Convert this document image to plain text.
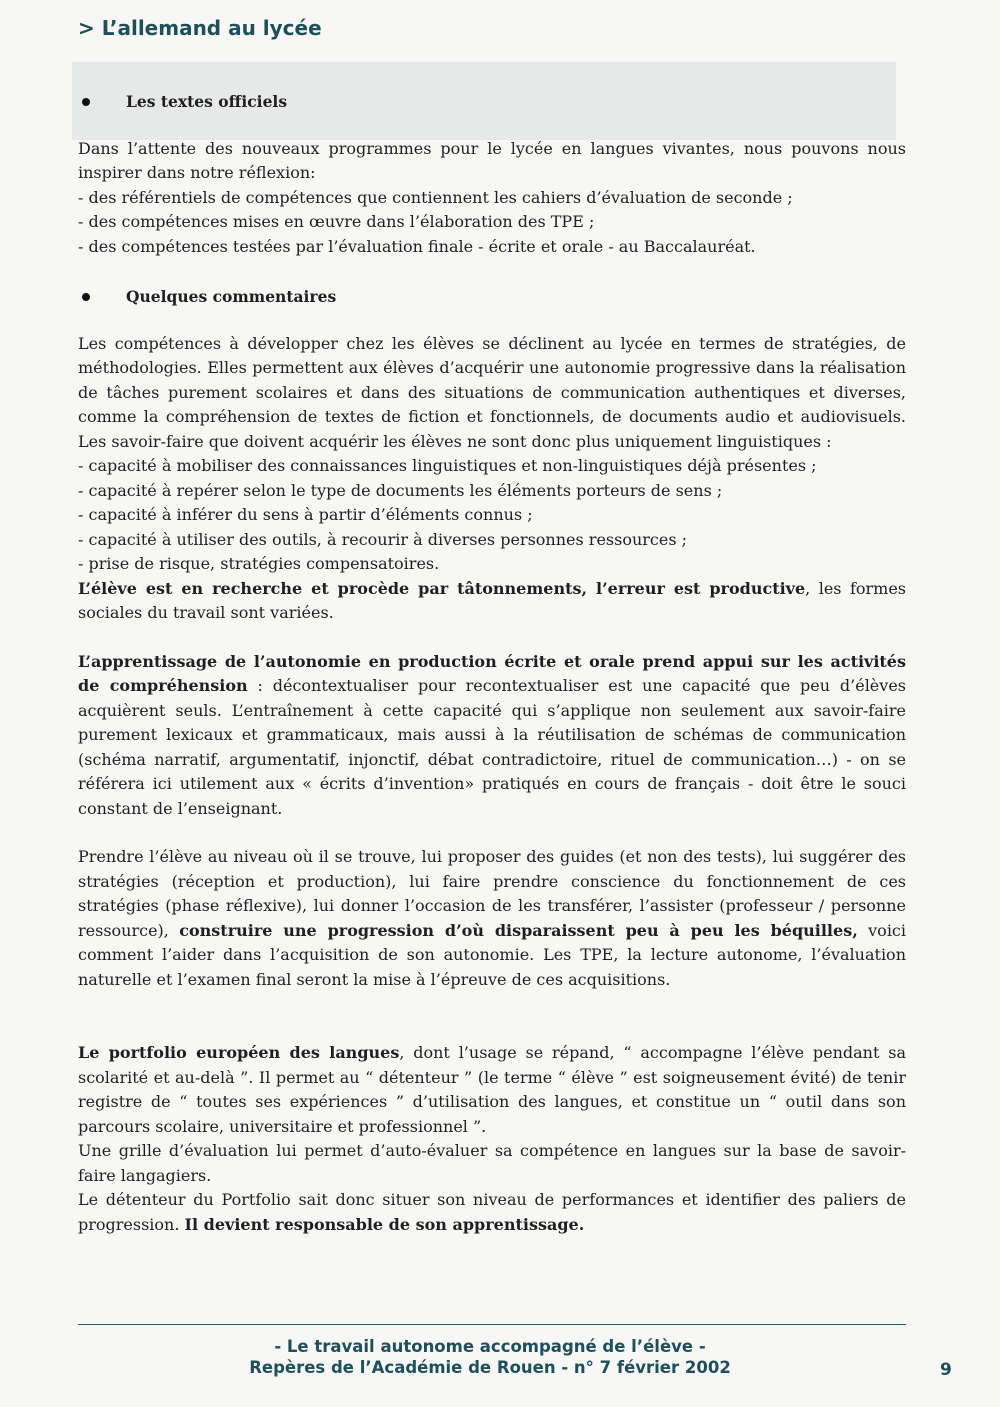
> L’allemand au lycée
Les textes officiels

Dans l’attente des nouveaux programmes pour le lycée en langues vivantes, nous pouvons nous inspirer dans notre réflexion:

- des référentiels de compétences que contiennent les cahiers d’évaluation de seconde ;

- des compétences mises en œuvre dans l’élaboration des TPE ;

- des compétences testées par l’évaluation finale - écrite et orale - au Baccalauréat.

Quelques commentaires

Les compétences à développer chez les élèves se déclinent au lycée en termes de stratégies, de méthodologies. Elles permettent aux élèves d’acquérir une autonomie progressive dans la réalisation de tâches purement scolaires et dans des situations de communication authentiques et diverses, comme la compréhension de textes de fiction et fonctionnels, de documents audio et audiovisuels. Les savoir-faire que doivent acquérir les élèves ne sont donc plus uniquement linguistiques :

- capacité à mobiliser des connaissances linguistiques et non-linguistiques déjà présentes ;

- capacité à repérer selon le type de documents les éléments porteurs de sens ;

- capacité à inférer du sens à partir d’éléments connus ;

- capacité à utiliser des outils, à recourir à diverses personnes ressources ;

- prise de risque, stratégies compensatoires.

L’élève est en recherche et procède par tâtonnements, l’erreur est productive, les formes sociales du travail sont variées.

L’apprentissage de l’autonomie en production écrite et orale prend appui sur les activités de compréhension : décontextualiser pour recontextualiser est une capacité que peu d’élèves acquièrent seuls. L’entraînement à cette capacité qui s’applique non seulement aux savoir-faire purement lexicaux et grammaticaux, mais aussi à la réutilisation de schémas de communication (schéma narratif, argumentatif, injonctif, débat contradictoire, rituel de communication…) - on se référera ici utilement aux « écrits d’invention» pratiqués en cours de français - doit être le souci constant de l’enseignant.

Prendre l’élève au niveau où il se trouve, lui proposer des guides (et non des tests), lui suggérer des stratégies (réception et production), lui faire prendre conscience du fonctionnement de ces stratégies (phase réflexive), lui donner l’occasion de les transférer, l’assister (professeur / personne ressource), construire une progression d’où disparaissent peu à peu les béquilles, voici comment l’aider dans l’acquisition de son autonomie. Les TPE, la lecture autonome, l’évaluation naturelle et l’examen final seront la mise à l’épreuve de ces acquisitions.

Le portfolio européen des langues, dont l’usage se répand, “ accompagne l’élève pendant sa scolarité et au-delà ”. Il permet au “ détenteur ” (le terme “ élève ” est soigneusement évité) de tenir registre de “ toutes ses expériences ” d’utilisation des langues, et constitue un “ outil dans son parcours scolaire, universitaire et professionnel ”.

Une grille d’évaluation lui permet d’auto-évaluer sa compétence en langues sur la base de savoir-faire langagiers.

Le détenteur du Portfolio sait donc situer son niveau de performances et identifier des paliers de progression. Il devient responsable de son apprentissage.

- Le travail autonome accompagné de l’élève -
Repères de l’Académie de Rouen - n° 7 février 2002	9
